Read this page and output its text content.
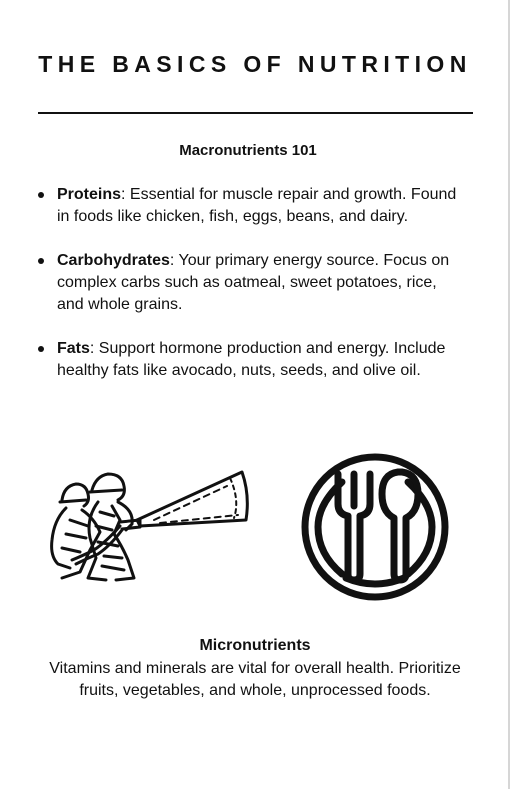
THE BASICS OF NUTRITION
Macronutrients 101
Proteins: Essential for muscle repair and growth. Found in foods like chicken, fish, eggs, beans, and dairy.
Carbohydrates: Your primary energy source. Focus on complex carbs such as oatmeal, sweet potatoes, rice, and whole grains.
Fats: Support hormone production and energy. Include healthy fats like avocado, nuts, seeds, and olive oil.
Micronutrients
Vitamins and minerals are vital for overall health. Prioritize fruits, vegetables, and whole, unprocessed foods.
